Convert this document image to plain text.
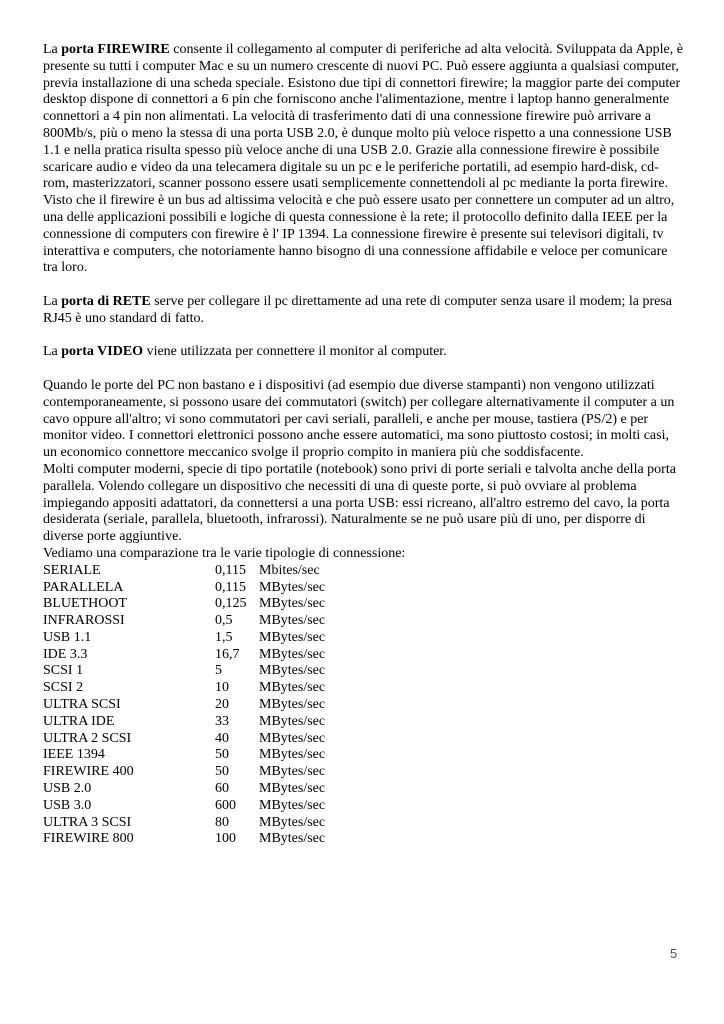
La porta FIREWIRE consente il collegamento al computer di periferiche ad alta velocità. Sviluppata da Apple, è presente su tutti i computer Mac e su un numero crescente di nuovi PC. Può essere aggiunta a qualsiasi computer, previa installazione di una scheda speciale. Esistono due tipi di connettori firewire; la maggior parte dei computer desktop dispone di connettori a 6 pin che forniscono anche l'alimentazione, mentre i laptop hanno generalmente connettori a 4 pin non alimentati. La velocità di trasferimento dati di una connessione firewire può arrivare a 800Mb/s, più o meno la stessa di una porta USB 2.0, è dunque molto più veloce rispetto a una connessione USB 1.1 e nella pratica risulta spesso più veloce anche di una USB 2.0. Grazie alla connessione firewire è possibile scaricare audio e video da una telecamera digitale su un pc e le periferiche portatili, ad esempio hard-disk, cd-rom, masterizzatori, scanner possono essere usati semplicemente connettendoli al pc mediante la porta firewire. Visto che il firewire è un bus ad altissima velocità e che può essere usato per connettere un computer ad un altro, una delle applicazioni possibili e logiche di questa connessione è la rete; il protocollo definito dalla IEEE per la connessione di computers con firewire è l' IP 1394. La connessione firewire è presente sui televisori digitali, tv interattiva e computers, che notoriamente hanno bisogno di una connessione affidabile e veloce per comunicare tra loro.

La porta di RETE serve per collegare il pc direttamente ad una rete di computer senza usare il modem; la presa RJ45 è uno standard di fatto.

La porta VIDEO viene utilizzata per connettere il monitor al computer.

Quando le porte del PC non bastano e i dispositivi (ad esempio due diverse stampanti) non vengono utilizzati contemporaneamente, si possono usare dei commutatori (switch) per collegare alternativamente il computer a un cavo oppure all'altro; vi sono commutatori per cavi seriali, paralleli, e anche per mouse, tastiera (PS/2) e per monitor video. I connettori elettronici possono anche essere automatici, ma sono piuttosto costosi; in molti casi, un economico connettore meccanico svolge il proprio compito in maniera più che soddisfacente.

Molti computer moderni, specie di tipo portatile (notebook) sono privi di porte seriali e talvolta anche della porta parallela. Volendo collegare un dispositivo che necessiti di una di queste porte, si può ovviare al problema impiegando appositi adattatori, da connettersi a una porta USB: essi ricreano, all'altro estremo del cavo, la porta desiderata (seriale, parallela, bluetooth, infrarossi). Naturalmente se ne può usare più di uno, per disporre di diverse porte aggiuntive.

Vediamo una comparazione tra le varie tipologie di connessione:

SERIALE	0,115	Mbites/sec
PARALLELA	0,115	MBytes/sec
BLUETHOOT	0,125	MBytes/sec
INFRAROSSI	0,5	MBytes/sec
USB 1.1	1,5	MBytes/sec
IDE 3.3	16,7	MBytes/sec
SCSI 1	5	MBytes/sec
SCSI 2	10	MBytes/sec
ULTRA SCSI	20	MBytes/sec
ULTRA IDE	33	MBytes/sec
ULTRA 2 SCSI	40	MBytes/sec
IEEE 1394	50	MBytes/sec
FIREWIRE 400	50	MBytes/sec
USB 2.0	60	MBytes/sec
USB 3.0	600	MBytes/sec
ULTRA 3 SCSI	80	MBytes/sec
FIREWIRE 800	100	MBytes/sec
5
